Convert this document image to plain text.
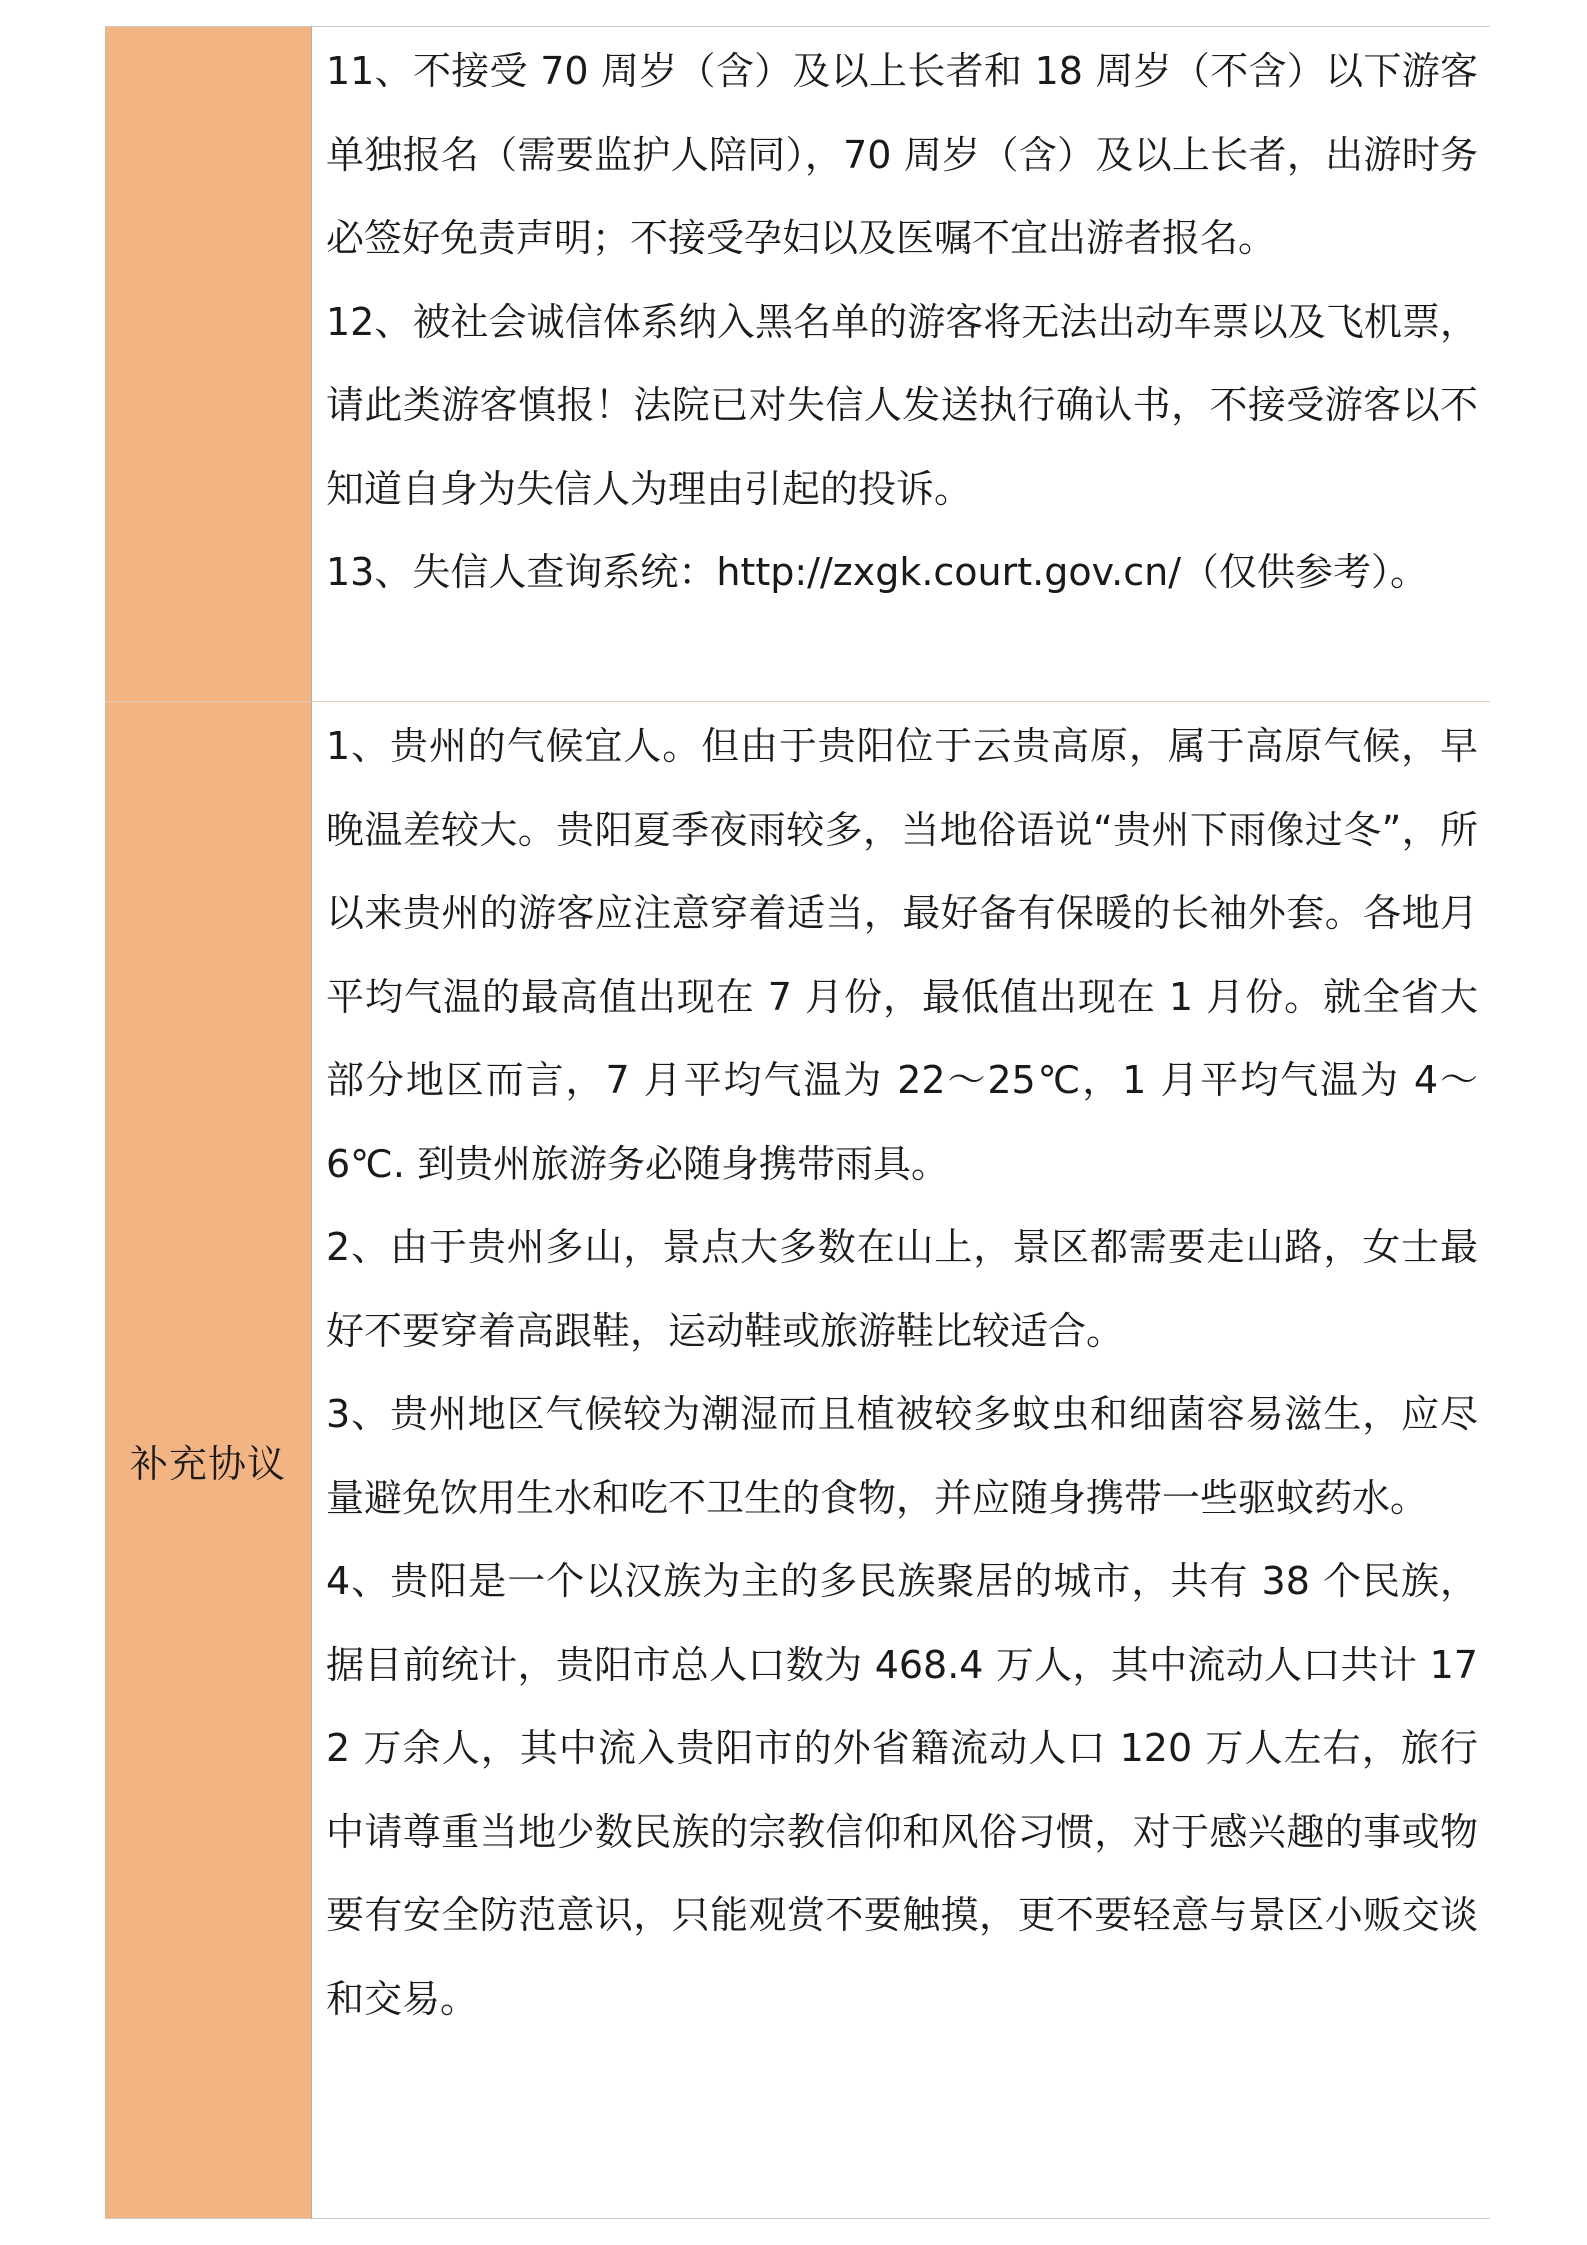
	11、不接受 70 周岁（含）及以上长者和 18 周岁（不含）以下游客单独报名（需要监护人陪同），70 周岁（含）及以上长者，出游时务必签好免责声明；不接受孕妇以及医嘱不宜出游者报名。
12、被社会诚信体系纳入黑名单的游客将无法出动车票以及飞机票，请此类游客慎报！法院已对失信人发送执行确认书，不接受游客以不知道自身为失信人为理由引起的投诉。
13、失信人查询系统：http://zxgk.court.gov.cn/（仅供参考）。

补充协议	1、贵州的气候宜人。但由于贵阳位于云贵高原，属于高原气候，早晚温差较大。贵阳夏季夜雨较多，当地俗语说“贵州下雨像过冬”，所以来贵州的游客应注意穿着适当，最好备有保暖的长袖外套。各地月平均气温的最高值出现在 7 月份，最低值出现在 1 月份。就全省大部分地区而言，7 月平均气温为 22～25℃，1 月平均气温为 4～6℃. 到贵州旅游务必随身携带雨具。
2、由于贵州多山，景点大多数在山上，景区都需要走山路，女士最好不要穿着高跟鞋，运动鞋或旅游鞋比较适合。
3、贵州地区气候较为潮湿而且植被较多蚊虫和细菌容易滋生，应尽量避免饮用生水和吃不卫生的食物，并应随身携带一些驱蚊药水。
4、贵阳是一个以汉族为主的多民族聚居的城市，共有 38 个民族，据目前统计，贵阳市总人口数为 468.4 万人，其中流动人口共计 172 万余人，其中流入贵阳市的外省籍流动人口 120 万人左右，旅行中请尊重当地少数民族的宗教信仰和风俗习惯，对于感兴趣的事或物要有安全防范意识，只能观赏不要触摸，更不要轻意与景区小贩交谈和交易。
